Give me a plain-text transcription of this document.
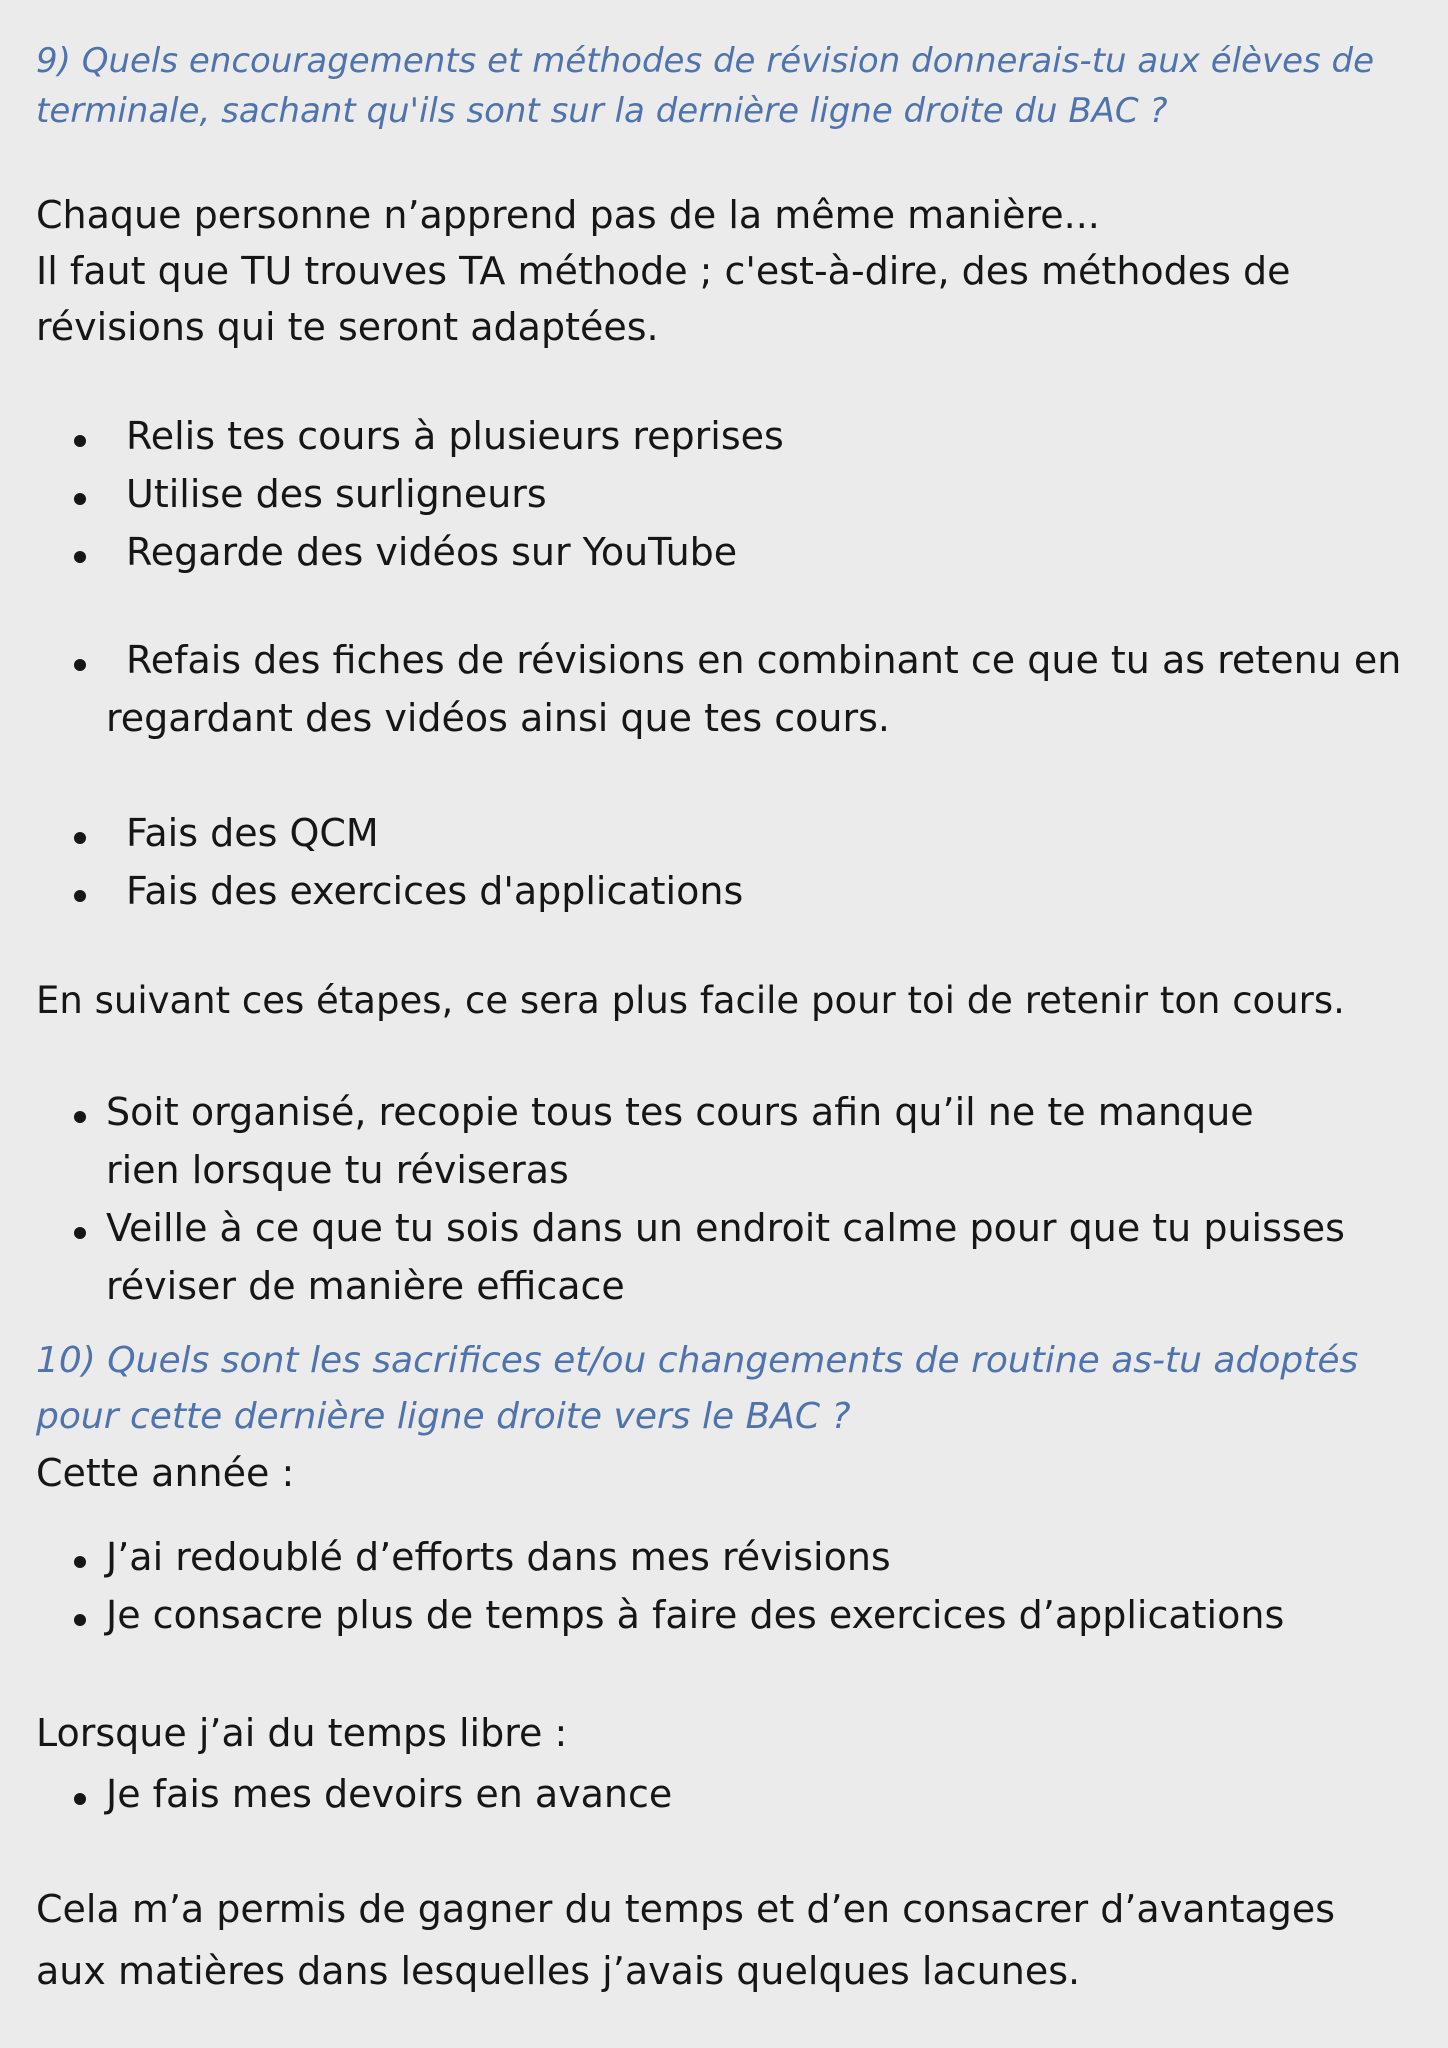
9) Quels encouragements et méthodes de révision donnerais-tu aux élèves de terminale, sachant qu'ils sont sur la dernière ligne droite du BAC ?

Chaque personne n’apprend pas de la même manière...

Il faut que TU trouves TA méthode ; c'est-à-dire, des méthodes de révisions qui te seront adaptées.

Relis tes cours à plusieurs reprises
Utilise des surligneurs
Regarde des vidéos sur YouTube
Refais des fiches de révisions en combinant ce que tu as retenu en regardant des vidéos ainsi que tes cours.
Fais des QCM
Fais des exercices d'applications

En suivant ces étapes, ce sera plus facile pour toi de retenir ton cours.

Soit organisé, recopie tous tes cours afin qu’il ne te manque rien lorsque tu réviseras
Veille à ce que tu sois dans un endroit calme pour que tu puisses réviser de manière efficace
10) Quels sont les sacrifices et/ou changements de routine as-tu adoptés pour cette dernière ligne droite vers le BAC ?

Cette année :

J’ai redoublé d’efforts dans mes révisions
Je consacre plus de temps à faire des exercices d’applications

Lorsque j’ai du temps libre :

Je fais mes devoirs en avance

Cela m’a permis de gagner du temps et d’en consacrer d’avantages aux matières dans lesquelles j’avais quelques lacunes.
